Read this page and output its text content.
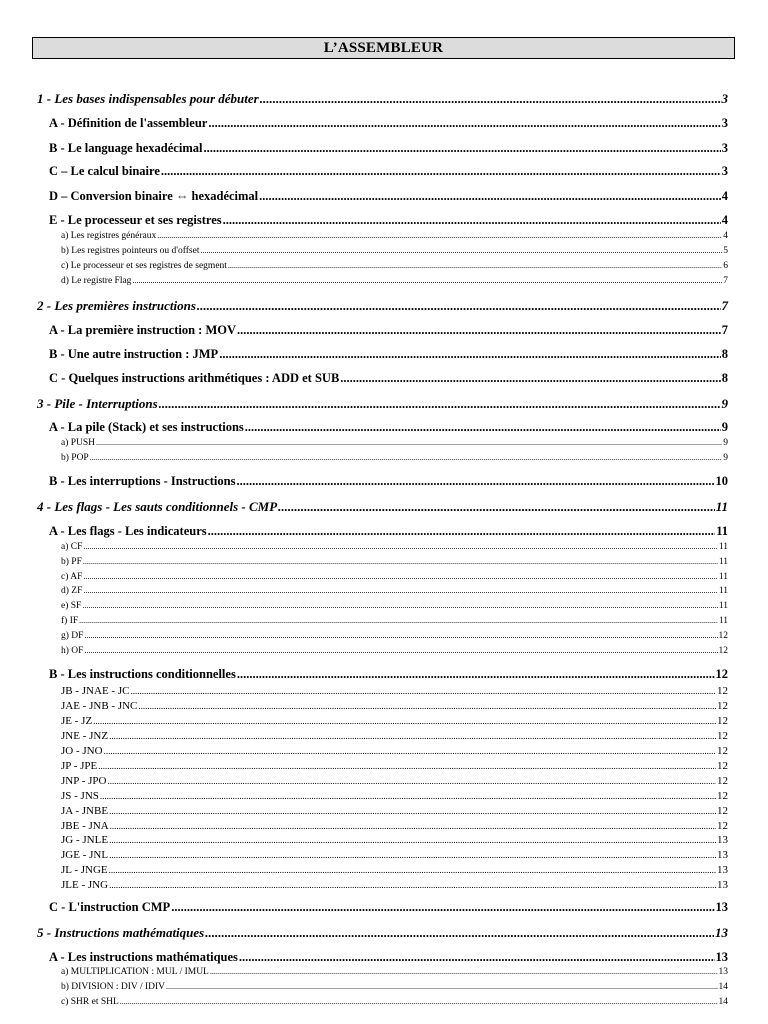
L’ASSEMBLEUR
1 - Les bases indispensables pour débuter .....	3
A - Définition de l'assembleur .....	3
B - Le language hexadécimal .....	3
C – Le calcul binaire .....	3
D – Conversion binaire ⇔ hexadécimal .....	4
E - Le processeur et ses registres .....	4
a) Les registres généraux .....	4
b) Les registres pointeurs ou d'offset .....	5
c) Le processeur et ses registres de segment .....	6
d) Le registre Flag .....	7
2 - Les premières instructions .....	7
A - La première instruction : MOV .....	7
B - Une autre instruction : JMP .....	8
C - Quelques instructions arithmétiques : ADD et SUB .....	8
3 - Pile - Interruptions .....	9
A - La pile (Stack) et ses instructions .....	9
a) PUSH .....	9
b) POP .....	9
B - Les interruptions - Instructions .....	10
4 - Les flags - Les sauts conditionnels - CMP .....	11
A - Les flags - Les indicateurs .....	11
a) CF .....	11
b) PF .....	11
c) AF .....	11
d) ZF .....	11
e) SF .....	11
f) IF .....	11
g) DF .....	12
h) OF .....	12
B - Les instructions conditionnelles .....	12
JB - JNAE - JC .....	12
JAE - JNB - JNC .....	12
JE - JZ .....	12
JNE - JNZ .....	12
JO - JNO .....	12
JP - JPE .....	12
JNP - JPO .....	12
JS - JNS .....	12
JA - JNBE .....	12
JBE - JNA .....	12
JG - JNLE .....	13
JGE - JNL .....	13
JL - JNGE .....	13
JLE - JNG .....	13
C - L'instruction CMP .....	13
5 - Instructions mathématiques .....	13
A - Les instructions mathématiques .....	13
a) MULTIPLICATION : MUL / IMUL .....	13
b) DIVISION : DIV / IDIV .....	14
c) SHR et SHL .....	14
